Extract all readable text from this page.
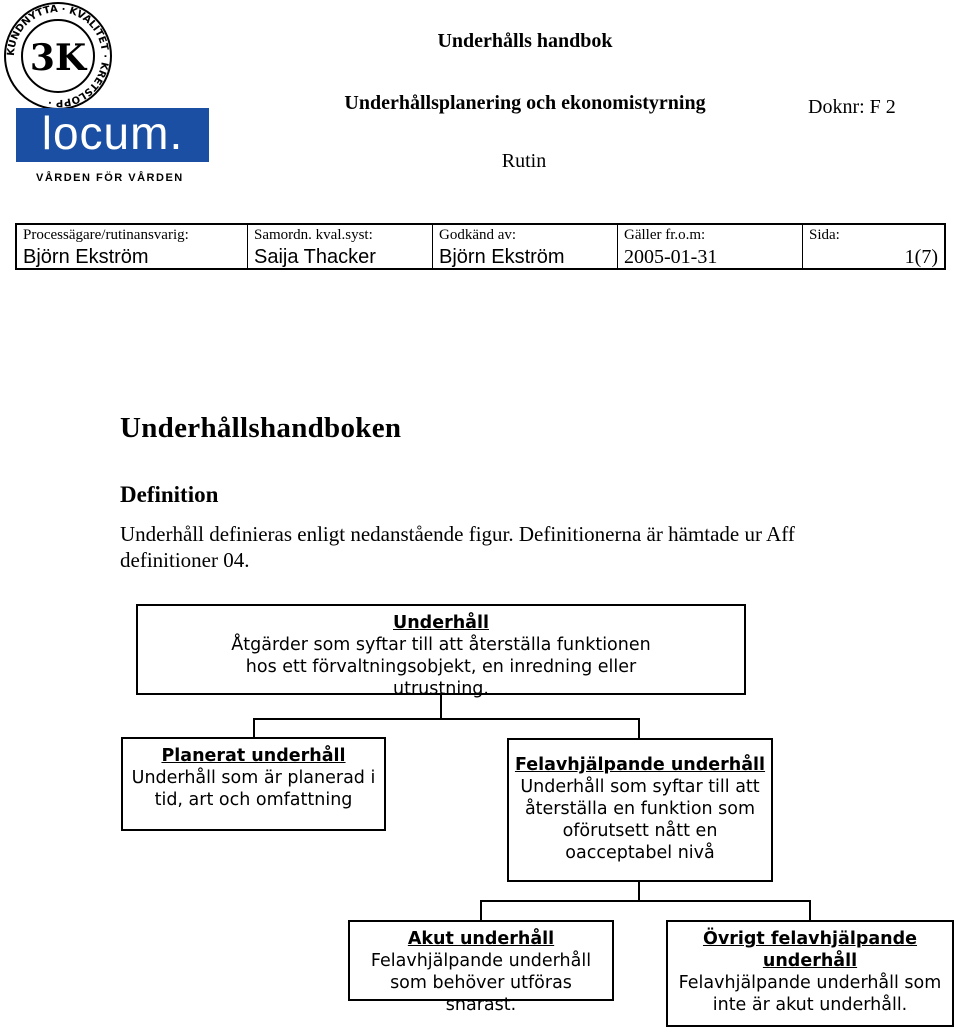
KUNDNYTTA · KVALITET · KRETSLOPP ·
3K
locum.
VÅRDEN FÖR VÅRDEN
Underhålls handbok
Underhållsplanering och ekonomistyrning	Doknr: F 2
Rutin
Processägare/rutinansvarig:
Björn Ekström
Samordn. kval.syst:
Saija Thacker
Godkänd av:
Björn Ekström
Gäller fr.o.m:
2005-01-31
Sida:
1(7)
Underhållshandboken
Definition
Underhåll definieras enligt nedanstående figur. Definitionerna är hämtade ur Aff definitioner 04.
Underhåll
Åtgärder som syftar till att återställa funktionen hos ett förvaltningsobjekt, en inredning eller utrustning.
Planerat underhåll
Underhåll som är planerad i tid, art och omfattning
Felavhjälpande underhåll
Underhåll som syftar till att återställa en funktion som oförutsett nått en oacceptabel nivå
Akut underhåll
Felavhjälpande underhåll som behöver utföras snarast.
Övrigt felavhjälpande underhåll
Felavhjälpande underhåll som inte är akut underhåll.
